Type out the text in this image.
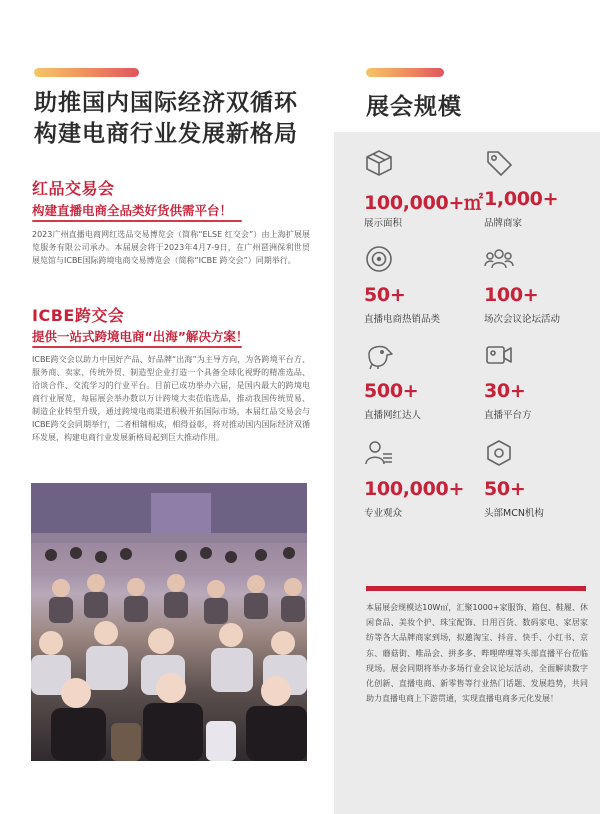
助推国内国际经济双循环
构建电商行业发展新格局
红品交易会
构建直播电商全品类好货供需平台！
2023广州直播电商网红选品交易博览会（简称“ELSE 红交会”）由上海扩展展览服务有限公司承办。本届展会将于2023年4月7-9日，在广州琶洲保利世贸展览馆与ICBE国际跨境电商交易博览会（简称“ICBE 跨交会”）同期举行。
ICBE跨交会
提供一站式跨境电商“出海”解决方案！
ICBE跨交会以助力中国好产品、好品牌“出海”为主导方向，为各跨境平台方、服务商、卖家、传统外贸、制造型企业打造一个具备全球化视野的精准选品、洽谈合作、交流学习的行业平台。目前已成功举办六届，是国内最大的跨境电商行业展览，每届展会举办数以万计跨境大卖莅临选品，推动我国传统贸易、制造企业转型升级，通过跨境电商渠道积极开拓国际市场。本届红品交易会与ICBE跨交会同期举行，二者相辅相成，相得益彰，将对推动国内国际经济双循环发展，构建电商行业发展新格局起到巨大推动作用。
展会规模
100,000+㎡
展示面积
1,000+
品牌商家
50+
直播电商热销品类
100+
场次会议论坛活动
500+
直播网红达人
30+
直播平台方
100,000+
专业观众
50+
头部MCN机构
本届展会规模达10W㎡，汇聚1000+家服饰、箱包、鞋履、休闲食品、美妆个护、珠宝配饰、日用百货、数码家电、家居家纺等各大品牌商家到场，拟邀淘宝、抖音、快手、小红书、京东、蘑菇街、唯品会、拼多多、哔哩哔哩等头部直播平台莅临现场。展会同期将举办多场行业会议论坛活动，全面解读数字化创新、直播电商、新零售等行业热门话题、发展趋势，共同助力直播电商上下游贯通，实现直播电商多元化发展！
